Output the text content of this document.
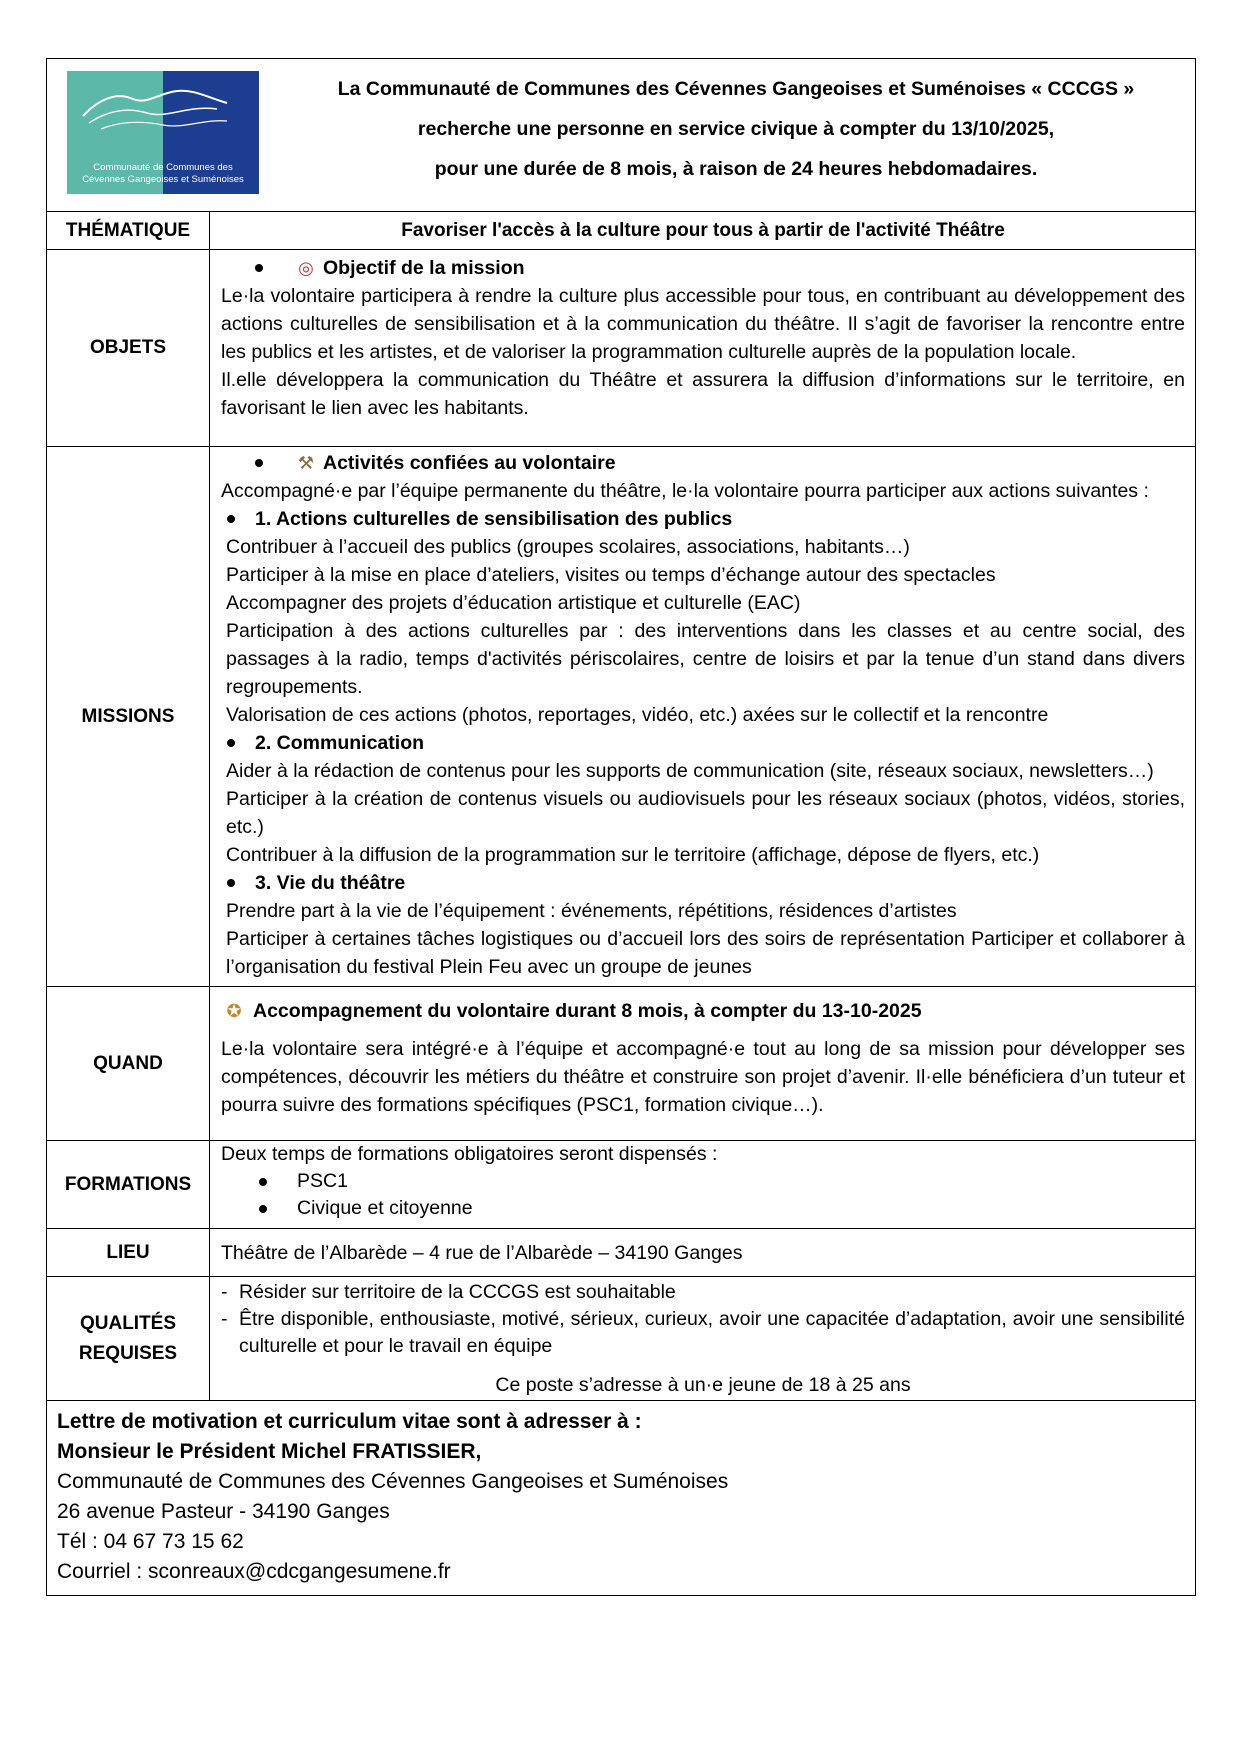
Communauté de Communes des
Cévennes Gangeoises et Suménoises
La Communauté de Communes des Cévennes Gangeoises et Suménoises « CCCGS »
recherche une personne en service civique à compter du 13/10/2025,
pour une durée de 8 mois, à raison de 24 heures hebdomadaires.
THÉMATIQUE	Favoriser l'accès à la culture pour tous à partir de l'activité Théâtre
OBJETS
◎ Objectif de la mission
Le·la volontaire participera à rendre la culture plus accessible pour tous, en contribuant au développement des actions culturelles de sensibilisation et à la communication du théâtre. Il s’agit de favoriser la rencontre entre les publics et les artistes, et de valoriser la programmation culturelle auprès de la population locale.
Il.elle développera la communication du Théâtre et assurera la diffusion d’informations sur le territoire, en favorisant le lien avec les habitants.
MISSIONS
⚒ Activités confiées au volontaire
Accompagné·e par l’équipe permanente du théâtre, le·la volontaire pourra participer aux actions suivantes :
1. Actions culturelles de sensibilisation des publics
Contribuer à l’accueil des publics (groupes scolaires, associations, habitants…)
Participer à la mise en place d’ateliers, visites ou temps d’échange autour des spectacles
Accompagner des projets d’éducation artistique et culturelle (EAC)
Participation à des actions culturelles par : des interventions dans les classes et au centre social, des passages à la radio, temps d'activités périscolaires, centre de loisirs et par la tenue d’un stand dans divers regroupements.
Valorisation de ces actions (photos, reportages, vidéo, etc.) axées sur le collectif et la rencontre
2. Communication
Aider à la rédaction de contenus pour les supports de communication (site, réseaux sociaux, newsletters…)
Participer à la création de contenus visuels ou audiovisuels pour les réseaux sociaux (photos, vidéos, stories, etc.)
Contribuer à la diffusion de la programmation sur le territoire (affichage, dépose de flyers, etc.)
3. Vie du théâtre
Prendre part à la vie de l’équipement : événements, répétitions, résidences d’artistes
Participer à certaines tâches logistiques ou d’accueil lors des soirs de représentation Participer et collaborer à l’organisation du festival Plein Feu avec un groupe de jeunes
QUAND
✪ Accompagnement du volontaire durant 8 mois, à compter du 13-10-2025
Le·la volontaire sera intégré·e à l’équipe et accompagné·e tout au long de sa mission pour développer ses compétences, découvrir les métiers du théâtre et construire son projet d’avenir. Il·elle bénéficiera d’un tuteur et pourra suivre des formations spécifiques (PSC1, formation civique…).
FORMATIONS
Deux temps de formations obligatoires seront dispensés :
PSC1
Civique et citoyenne
LIEU	Théâtre de l’Albarède – 4 rue de l’Albarède – 34190 Ganges
QUALITÉS
REQUISES
- Résider sur territoire de la CCCGS est souhaitable
- Être disponible, enthousiaste, motivé, sérieux, curieux, avoir une capacitée d’adaptation, avoir une sensibilité culturelle et pour le travail en équipe
Ce poste s’adresse à un·e jeune de 18 à 25 ans
Lettre de motivation et curriculum vitae sont à adresser à :
Monsieur le Président Michel FRATISSIER,
Communauté de Communes des Cévennes Gangeoises et Suménoises
26 avenue Pasteur - 34190 Ganges
Tél : 04 67 73 15 62
Courriel : sconreaux@cdcgangesumene.fr
